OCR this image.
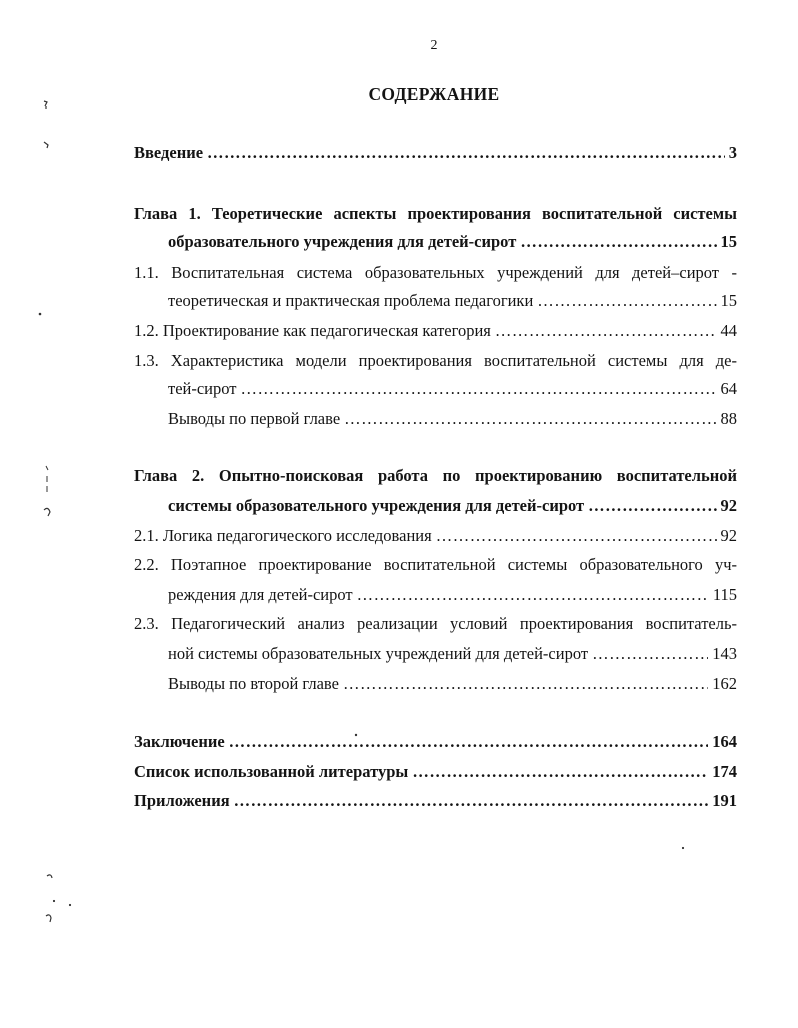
2
СОДЕРЖАНИЕ
Введение ………………………………………………………………………………………………………………………………………………………………	3
Глава 1. Теоретические аспекты проектирования воспитательной системы
образовательного учреждения для детей-сирот ………………………………………………………………………………………………………………………………………………………………	15
1.1. Воспитательная система образовательных учреждений для детей–сирот -
теоретическая и практическая проблема педагогики ………………………………………………………………………………………………………………………………………………………………	15
1.2. Проектирование как педагогическая категория ………………………………………………………………………………………………………………………………………………………………	44
1.3. Характеристика модели проектирования воспитательной системы для де-
тей-сирот ………………………………………………………………………………………………………………………………………………………………	64
Выводы по первой главе ………………………………………………………………………………………………………………………………………………………………	88
Глава 2. Опытно-поисковая работа по проектированию воспитательной
системы образовательного учреждения для детей-сирот ………………………………………………………………………………………………………………………………………………………………	92
2.1. Логика педагогического исследования ………………………………………………………………………………………………………………………………………………………………	92
2.2. Поэтапное проектирование воспитательной системы образовательного уч-
реждения для детей-сирот ………………………………………………………………………………………………………………………………………………………………	115
2.3. Педагогический анализ реализации условий проектирования воспитатель-
ной системы образовательных учреждений для детей-сирот ………………………………………………………………………………………………………………………………………………………………	143
Выводы по второй главе ………………………………………………………………………………………………………………………………………………………………	162
Заключение ………………………………………………………………………………………………………………………………………………………………	164
Список использованной литературы ………………………………………………………………………………………………………………………………………………………………	174
Приложения ………………………………………………………………………………………………………………………………………………………………	191
